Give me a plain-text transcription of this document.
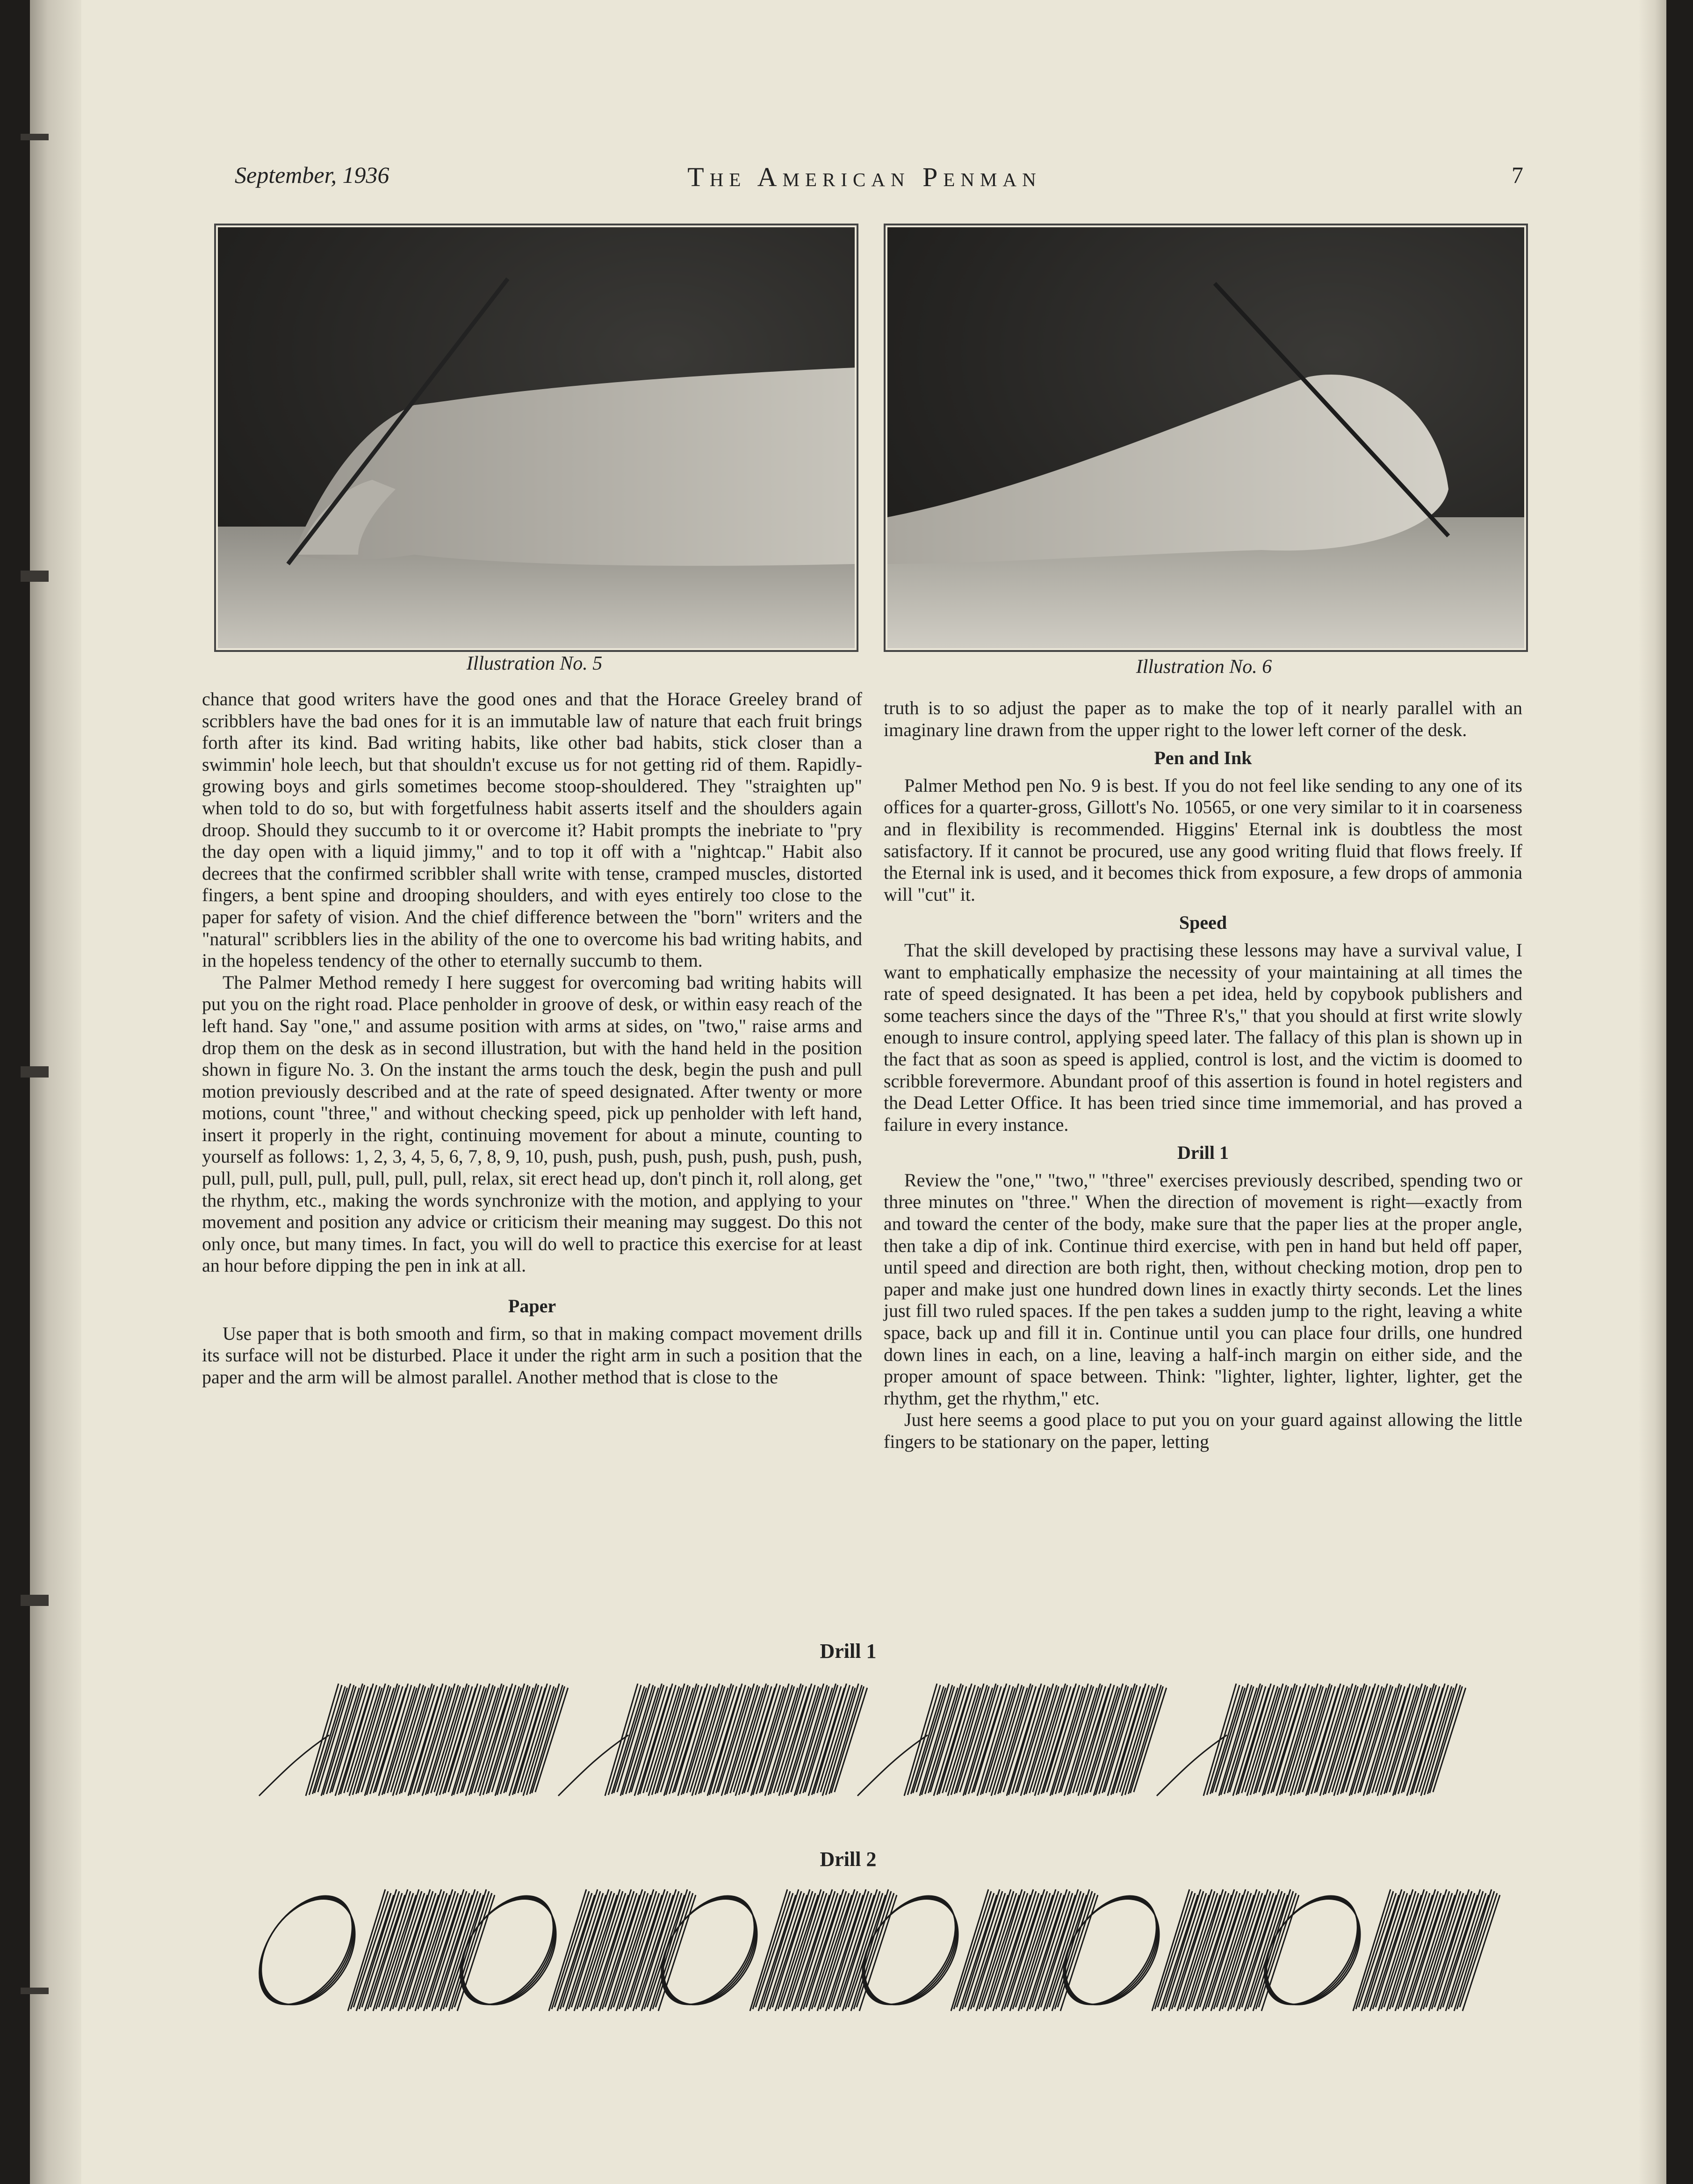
September, 1936	The American Penman	7
Illustration No. 5	Illustration No. 6

chance that good writers have the good ones and that the Horace Greeley brand of scribblers have the bad ones for it is an immutable law of nature that each fruit brings forth after its kind. Bad writing habits, like other bad habits, stick closer than a swimmin' hole leech, but that shouldn't excuse us for not getting rid of them. Rapidly-growing boys and girls sometimes become stoop-shouldered. They "straighten up" when told to do so, but with forgetfulness habit asserts itself and the shoulders again droop. Should they succumb to it or overcome it? Habit prompts the inebriate to "pry the day open with a liquid jimmy," and to top it off with a "nightcap." Habit also decrees that the confirmed scribbler shall write with tense, cramped muscles, distorted fingers, a bent spine and drooping shoulders, and with eyes entirely too close to the paper for safety of vision. And the chief difference between the "born" writers and the "natural" scribblers lies in the ability of the one to overcome his bad writing habits, and in the hopeless tendency of the other to eternally succumb to them.

The Palmer Method remedy I here suggest for overcoming bad writing habits will put you on the right road. Place penholder in groove of desk, or within easy reach of the left hand. Say "one," and assume position with arms at sides, on "two," raise arms and drop them on the desk as in second illustration, but with the hand held in the position shown in figure No. 3. On the instant the arms touch the desk, begin the push and pull motion previously described and at the rate of speed designated. After twenty or more motions, count "three," and without checking speed, pick up penholder with left hand, insert it properly in the right, continuing movement for about a minute, counting to yourself as follows: 1, 2, 3, 4, 5, 6, 7, 8, 9, 10, push, push, push, push, push, push, push, pull, pull, pull, pull, pull, pull, pull, relax, sit erect head up, don't pinch it, roll along, get the rhythm, etc., making the words synchronize with the motion, and applying to your movement and position any advice or criticism their meaning may suggest. Do this not only once, but many times. In fact, you will do well to practice this exercise for at least an hour before dipping the pen in ink at all.

Paper

Use paper that is both smooth and firm, so that in making compact movement drills its surface will not be disturbed. Place it under the right arm in such a position that the paper and the arm will be almost parallel. Another method that is close to the

truth is to so adjust the paper as to make the top of it nearly parallel with an imaginary line drawn from the upper right to the lower left corner of the desk.

Pen and Ink

Palmer Method pen No. 9 is best. If you do not feel like sending to any one of its offices for a quarter-gross, Gillott's No. 10565, or one very similar to it in coarseness and in flexibility is recommended. Higgins' Eternal ink is doubtless the most satisfactory. If it cannot be procured, use any good writing fluid that flows freely. If the Eternal ink is used, and it becomes thick from exposure, a few drops of ammonia will "cut" it.

Speed

That the skill developed by practising these lessons may have a survival value, I want to emphatically emphasize the necessity of your maintaining at all times the rate of speed designated. It has been a pet idea, held by copybook publishers and some teachers since the days of the "Three R's," that you should at first write slowly enough to insure control, applying speed later. The fallacy of this plan is shown up in the fact that as soon as speed is applied, control is lost, and the victim is doomed to scribble forevermore. Abundant proof of this assertion is found in hotel registers and the Dead Letter Office. It has been tried since time immemorial, and has proved a failure in every instance.

Drill 1

Review the "one," "two," "three" exercises previously described, spending two or three minutes on "three." When the direction of movement is right—exactly from and toward the center of the body, make sure that the paper lies at the proper angle, then take a dip of ink. Continue third exercise, with pen in hand but held off paper, until speed and direction are both right, then, without checking motion, drop pen to paper and make just one hundred down lines in exactly thirty seconds. Let the lines just fill two ruled spaces. If the pen takes a sudden jump to the right, leaving a white space, back up and fill it in. Continue until you can place four drills, one hundred down lines in each, on a line, leaving a half-inch margin on either side, and the proper amount of space between. Think: "lighter, lighter, lighter, lighter, get the rhythm, get the rhythm," etc.

Just here seems a good place to put you on your guard against allowing the little fingers to be stationary on the paper, letting

Drill 1
Drill 2
